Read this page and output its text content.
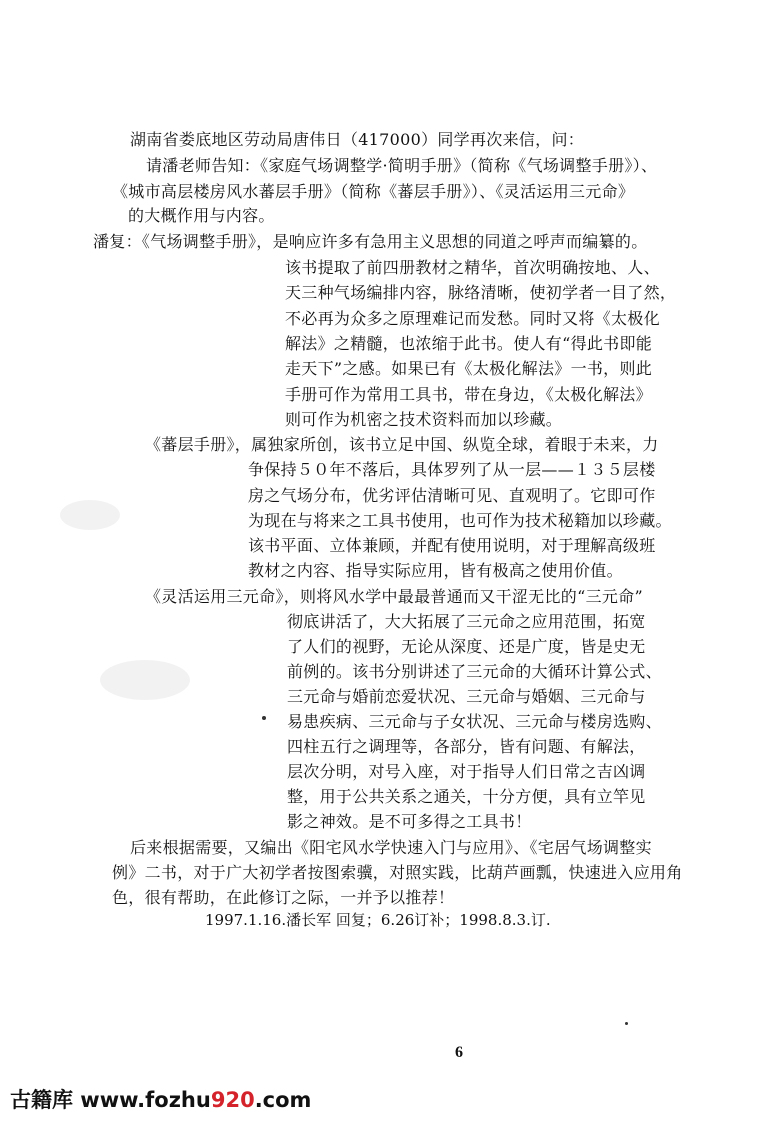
湖南省娄底地区劳动局唐伟日（417000）同学再次来信，问：
请潘老师告知：《家庭气场调整学·简明手册》（简称《气场调整手册》）、
《城市高层楼房风水蕃层手册》（简称《蕃层手册》）、《灵活运用三元命》
的大概作用与内容。
潘复：《气场调整手册》，是响应许多有急用主义思想的同道之呼声而编纂的。
该书提取了前四册教材之精华，首次明确按地、人、
天三种气场编排内容，脉络清晰，使初学者一目了然，
不必再为众多之原理难记而发愁。同时又将《太极化
解法》之精髓，也浓缩于此书。使人有“得此书即能
走天下”之感。如果已有《太极化解法》一书，则此
手册可作为常用工具书，带在身边，《太极化解法》
则可作为机密之技术资料而加以珍藏。
《蕃层手册》，属独家所创，该书立足中国、纵览全球，着眼于未来，力
争保持５０年不落后，具体罗列了从一层——１３５层楼
房之气场分布，优劣评估清晰可见、直观明了。它即可作
为现在与将来之工具书使用，也可作为技术秘籍加以珍藏。
该书平面、立体兼顾，并配有使用说明，对于理解高级班
教材之内容、指导实际应用，皆有极高之使用价值。
《灵活运用三元命》，则将风水学中最最普通而又干涩无比的“三元命”
彻底讲活了，大大拓展了三元命之应用范围，拓宽
了人们的视野，无论从深度、还是广度，皆是史无
前例的。该书分别讲述了三元命的大循环计算公式、
三元命与婚前恋爱状况、三元命与婚姻、三元命与
易患疾病、三元命与子女状况、三元命与楼房选购、
四柱五行之调理等，各部分，皆有问题、有解法，
层次分明，对号入座，对于指导人们日常之吉凶调
整，用于公共关系之通关，十分方便，具有立竿见
影之神效。是不可多得之工具书！
后来根据需要，又编出《阳宅风水学快速入门与应用》、《宅居气场调整实
例》二书，对于广大初学者按图索骥，对照实践，比葫芦画瓢，快速进入应用角
色，很有帮助，在此修订之际，一并予以推荐！
1997.1.16.潘长军 回复；6.26订补；1998.8.3.订.
6
古籍库 www.fozhu920.com
